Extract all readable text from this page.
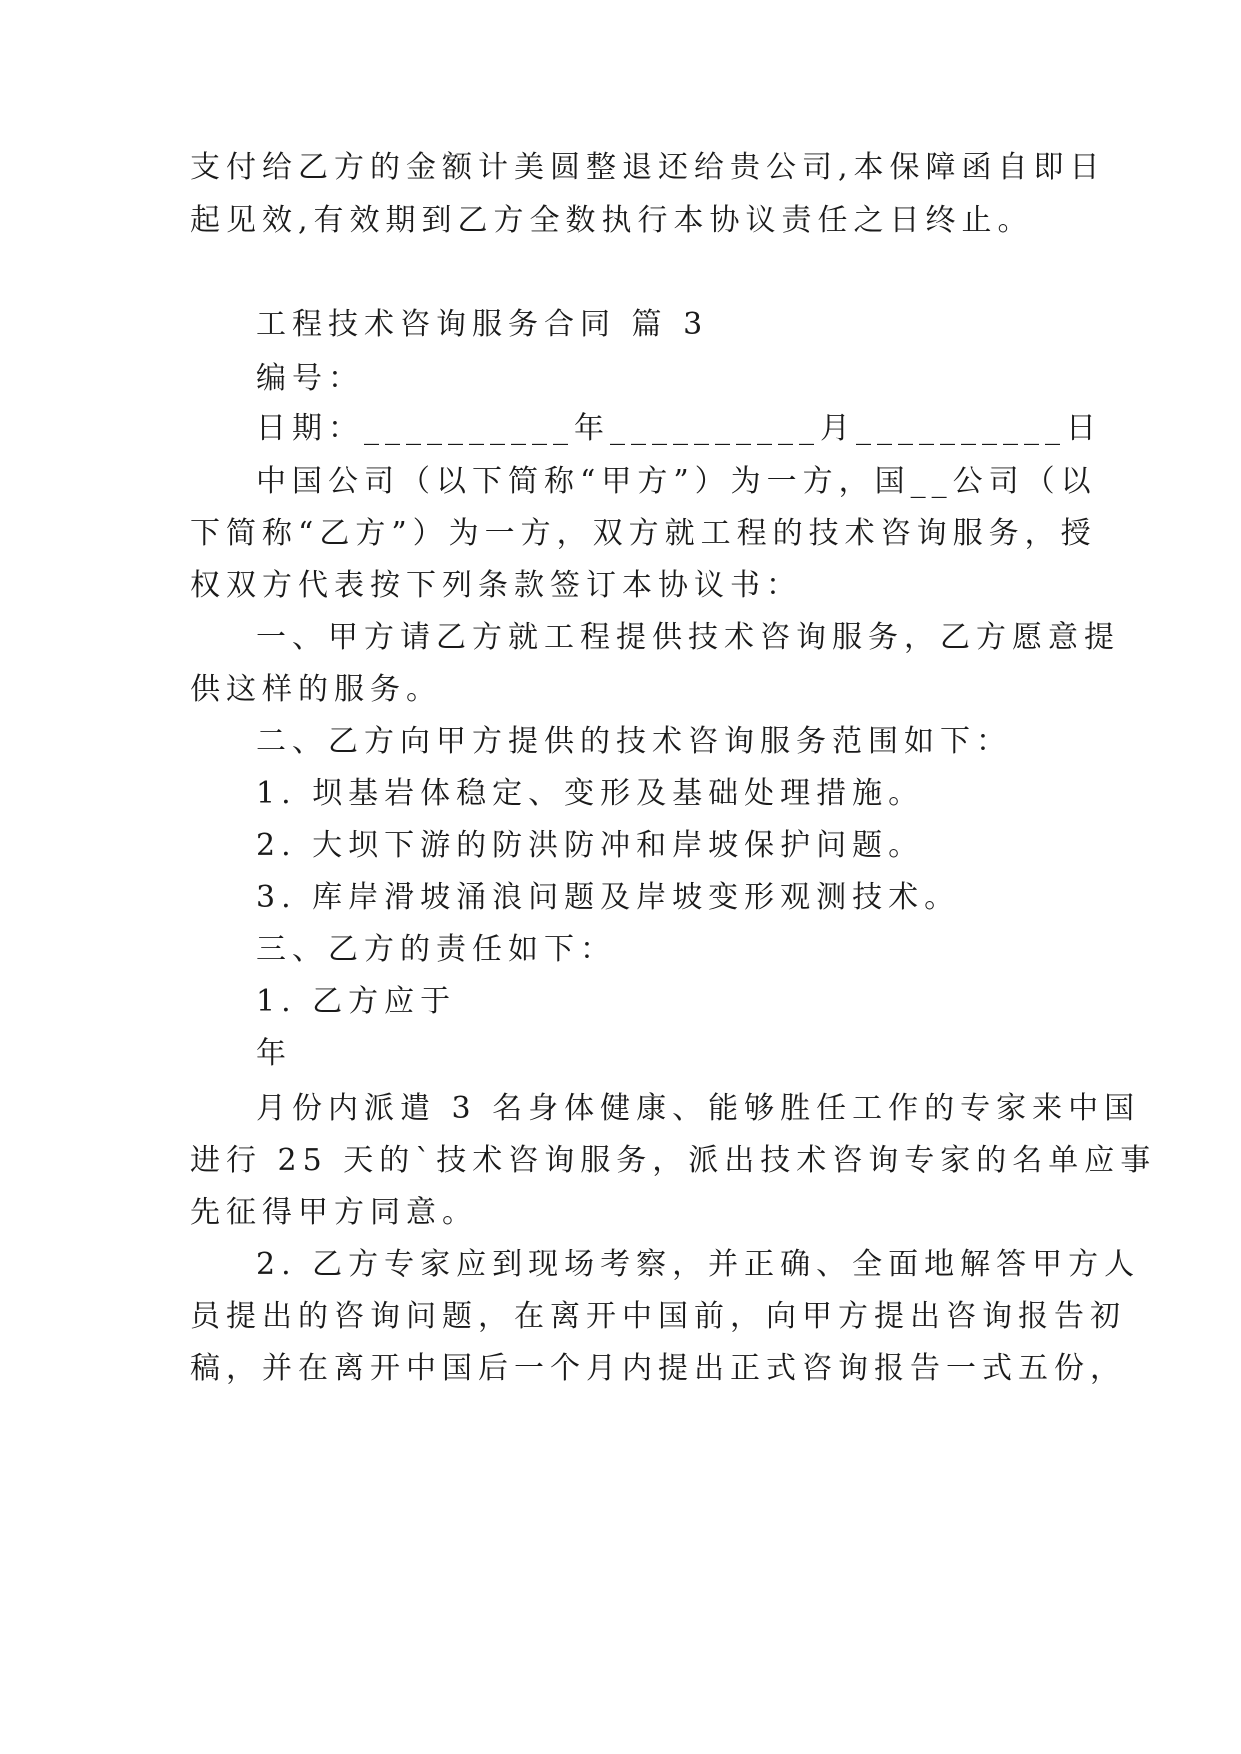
支付给乙方的金额计美圆整退还给贵公司,本保障函自即日
起见效,有效期到乙方全数执行本协议责任之日终止。
工程技术咨询服务合同 篇 3
编号：
日期：__________年__________月__________日
中国公司（以下简称“甲方”）为一方，国__公司（以
下简称“乙方”）为一方，双方就工程的技术咨询服务，授
权双方代表按下列条款签订本协议书：
一、甲方请乙方就工程提供技术咨询服务，乙方愿意提
供这样的服务。
二、乙方向甲方提供的技术咨询服务范围如下：
1. 坝基岩体稳定、变形及基础处理措施。
2. 大坝下游的防洪防冲和岸坡保护问题。
3. 库岸滑坡涌浪问题及岸坡变形观测技术。
三、乙方的责任如下：
1. 乙方应于
年
月份内派遣 3 名身体健康、能够胜任工作的专家来中国
进行 25 天的`技术咨询服务，派出技术咨询专家的名单应事
先征得甲方同意。
2. 乙方专家应到现场考察，并正确、全面地解答甲方人
员提出的咨询问题，在离开中国前，向甲方提出咨询报告初
稿，并在离开中国后一个月内提出正式咨询报告一式五份，
